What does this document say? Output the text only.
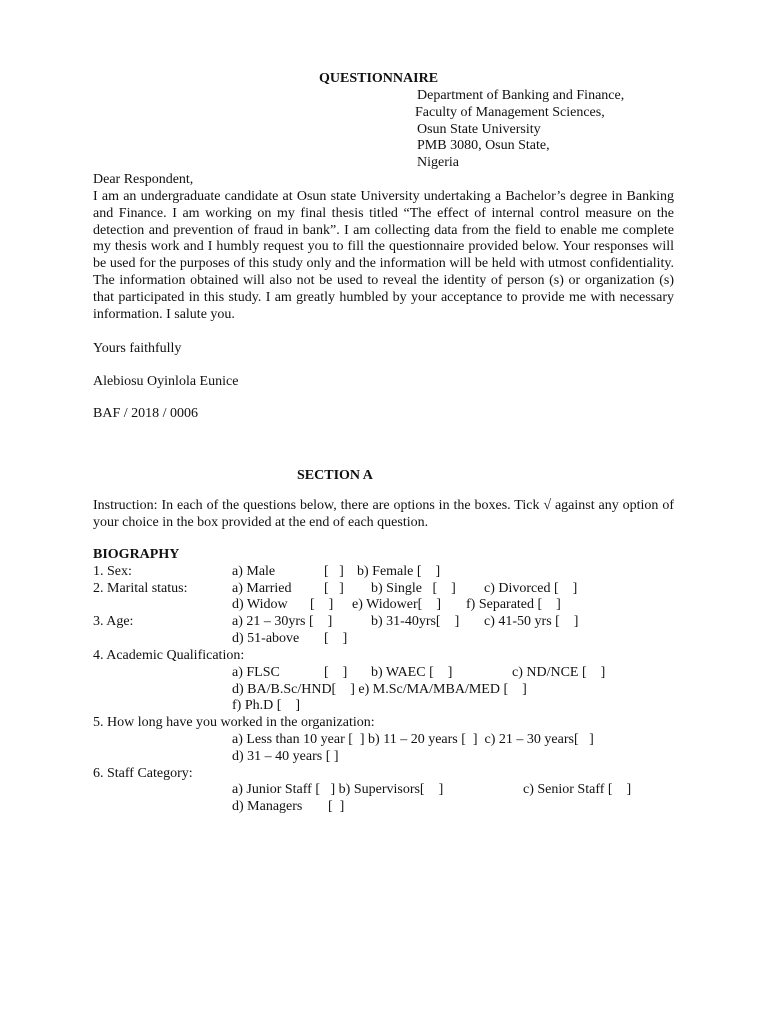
QUESTIONNAIRE
Department of Banking and Finance,
Faculty of Management Sciences,
Osun State University
PMB 3080, Osun State,
Nigeria
Dear Respondent,
I am an undergraduate candidate at Osun state University undertaking a Bachelor’s degree in Banking and Finance. I am working on my final thesis titled “The effect of internal control measure on the detection and prevention of fraud in bank”. I am collecting data from the field to enable me complete my thesis work and I humbly request you to fill the questionnaire provided below. Your responses will be used for the purposes of this study only and the information will be held with utmost confidentiality. The information obtained will also not be used to reveal the identity of person (s) or organization (s) that participated in this study. I am greatly humbled by your acceptance to provide me with necessary information. I salute you.
Yours faithfully
Alebiosu Oyinlola Eunice
BAF / 2018 / 0006
SECTION A
Instruction: In each of the questions below, there are options in the boxes. Tick √ against any option of your choice in the box provided at the end of each question.
BIOGRAPHY
1. Sex:	a) Male	[   ] b) Female [    ]
2. Marital status:	a) Married [   ] b) Single   [    ] c) Divorced [    ]
d) Widow [    ] e) Widower[    ] f) Separated [    ]
3. Age:	a) 21 – 30yrs [    ]	b) 31-40yrs[    ] c) 41-50 yrs [    ]
d) 51-above [    ]
4. Academic Qualification:
a) FLSC	[    ] b) WAEC [    ]	c) ND/NCE [    ]
d) BA/B.Sc/HND[    ] e) M.Sc/MA/MBA/MED [    ]
f) Ph.D [    ]
5. How long have you worked in the organization:
a) Less than 10 year [  ] b) 11 – 20 years [  ]  c) 21 – 30 years[   ]
d) 31 – 40 years [ ]
6. Staff Category:
a) Junior Staff [   ] b) Supervisors[    ]	c) Senior Staff [    ]
d) Managers [  ]
